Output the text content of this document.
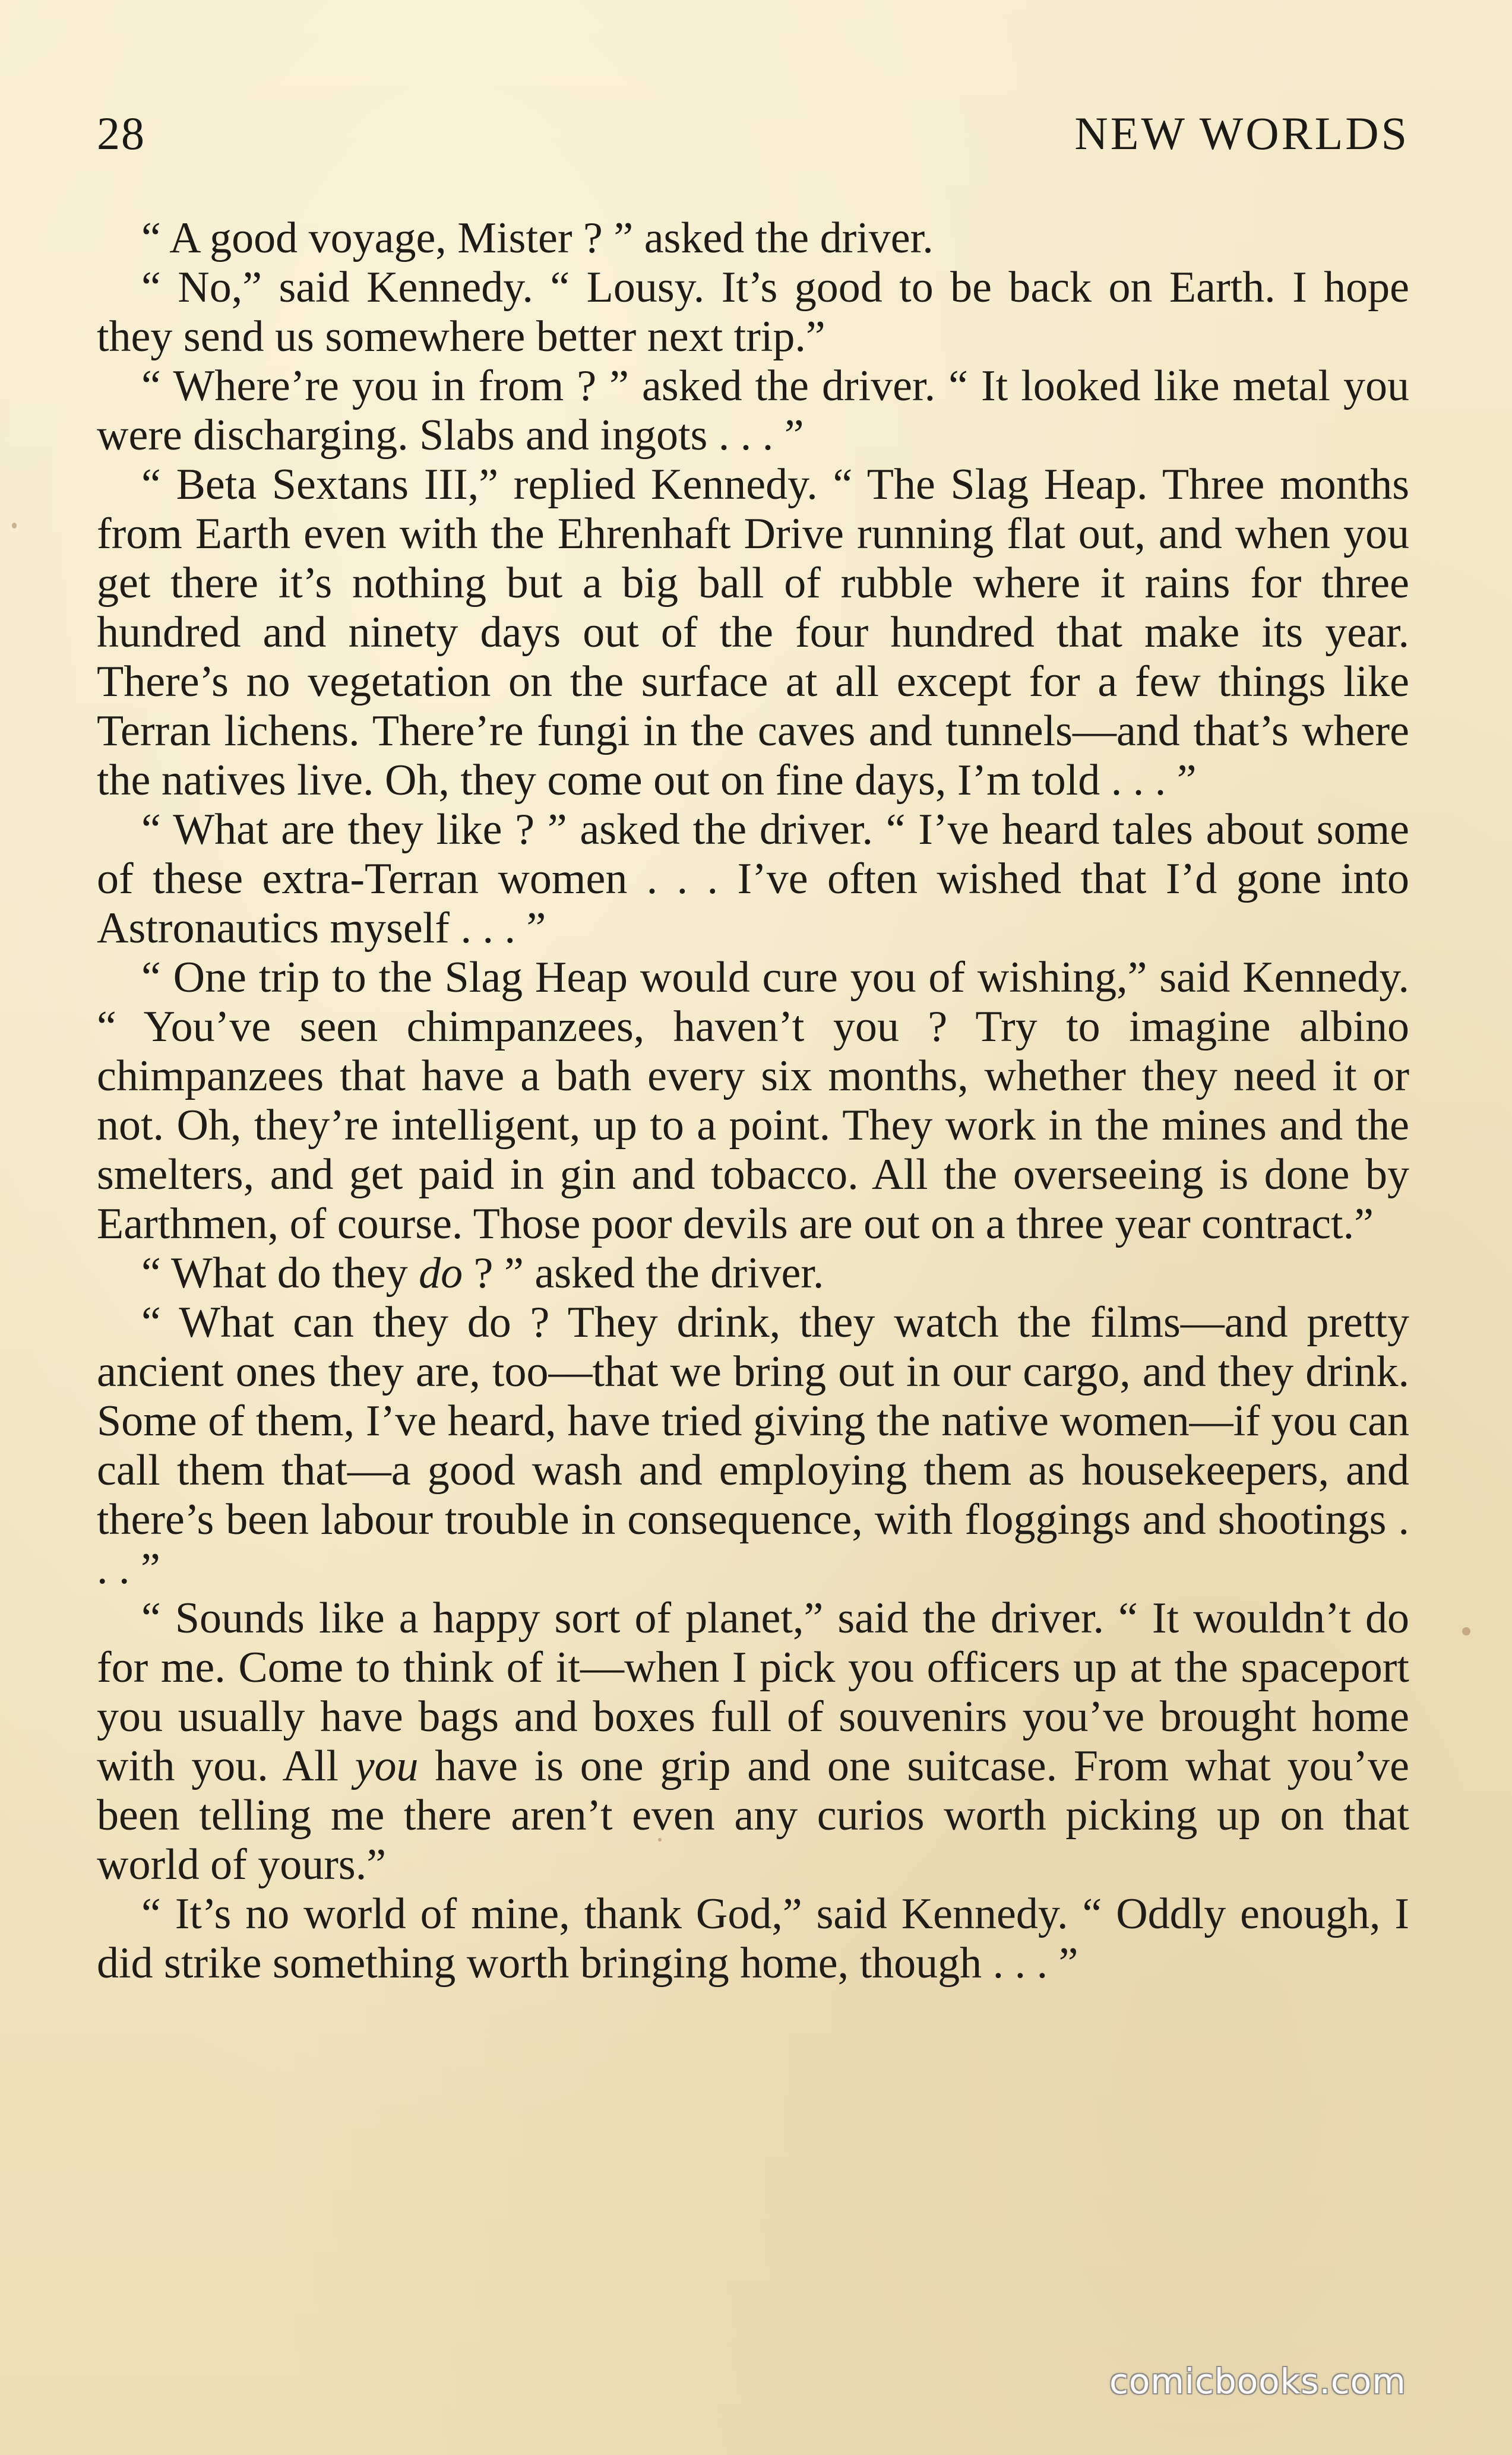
28	NEW WORLDS

“ A good voyage, Mister ? ” asked the driver.

“ No,” said Kennedy. “ Lousy. It’s good to be back on Earth. I hope they send us somewhere better next trip.”

“ Where’re you in from ? ” asked the driver. “ It looked like metal you were discharging. Slabs and ingots . . . ”

“ Beta Sextans III,” replied Kennedy. “ The Slag Heap. Three months from Earth even with the Ehrenhaft Drive running flat out, and when you get there it’s nothing but a big ball of rubble where it rains for three hundred and ninety days out of the four hundred that make its year. There’s no vegetation on the surface at all except for a few things like Terran lichens. There’re fungi in the caves and tunnels—and that’s where the natives live. Oh, they come out on fine days, I’m told . . . ”

“ What are they like ? ” asked the driver. “ I’ve heard tales about some of these extra-Terran women . . . I’ve often wished that I’d gone into Astronautics myself . . . ”

“ One trip to the Slag Heap would cure you of wishing,” said Kennedy. “ You’ve seen chimpanzees, haven’t you ? Try to imagine albino chimpanzees that have a bath every six months, whether they need it or not. Oh, they’re intelligent, up to a point. They work in the mines and the smelters, and get paid in gin and tobacco. All the overseeing is done by Earthmen, of course. Those poor devils are out on a three year contract.”

“ What do they do ? ” asked the driver.

“ What can they do ? They drink, they watch the films—and pretty ancient ones they are, too—that we bring out in our cargo, and they drink. Some of them, I’ve heard, have tried giving the native women—if you can call them that—a good wash and employing them as housekeepers, and there’s been labour trouble in consequence, with floggings and shootings . . . ”

“ Sounds like a happy sort of planet,” said the driver. “ It wouldn’t do for me. Come to think of it—when I pick you officers up at the spaceport you usually have bags and boxes full of souvenirs you’ve brought home with you. All you have is one grip and one suitcase. From what you’ve been telling me there aren’t even any curios worth picking up on that world of yours.”

“ It’s no world of mine, thank God,” said Kennedy. “ Oddly enough, I did strike something worth bringing home, though . . . ”

comicbooks.com
